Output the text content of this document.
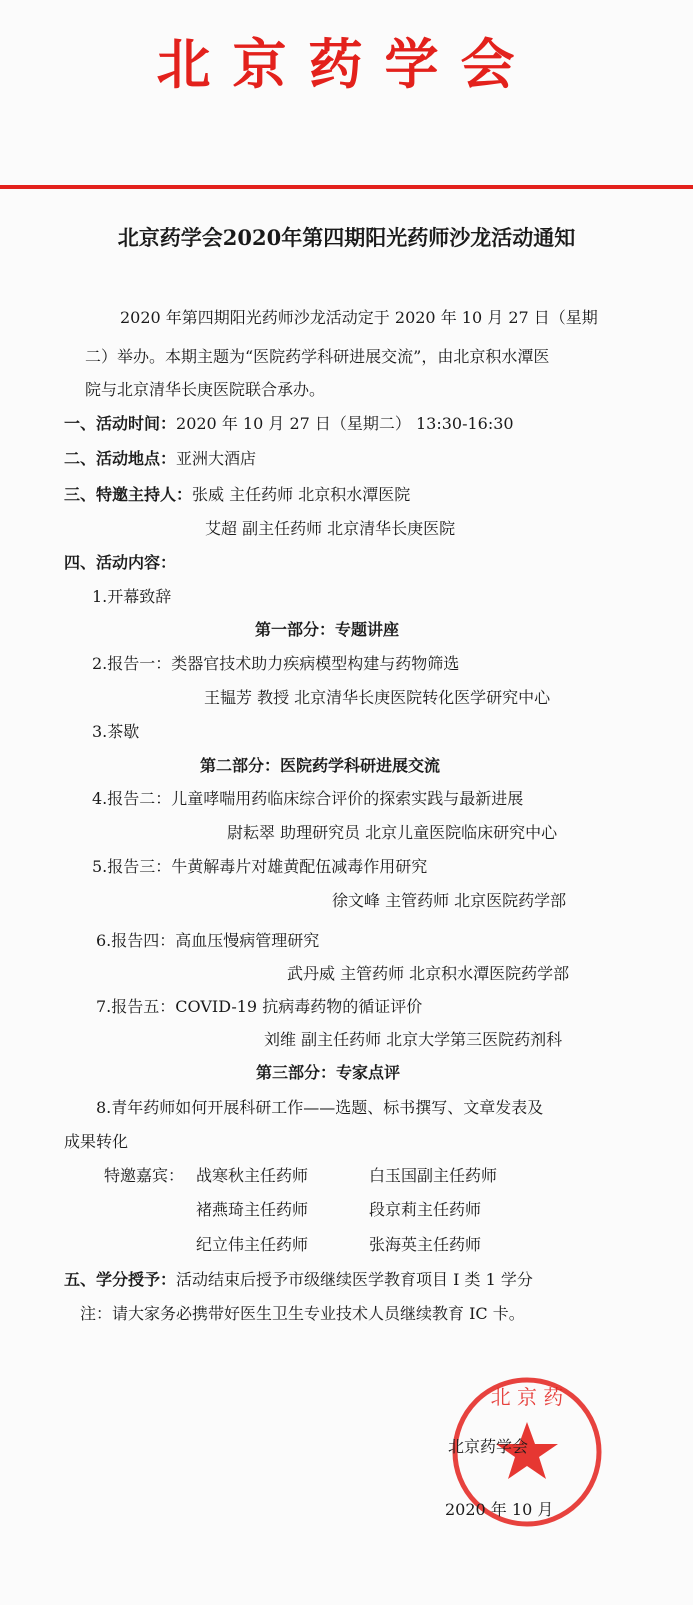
北京药学会
北京药学会2020年第四期阳光药师沙龙活动通知
2020 年第四期阳光药师沙龙活动定于 2020 年 10 月 27 日（星期
二）举办。本期主题为“医院药学科研进展交流”，由北京积水潭医
院与北京清华长庚医院联合承办。
一、活动时间：2020 年 10 月 27 日（星期二） 13:30-16:30
二、活动地点：亚洲大酒店
三、特邀主持人：张威 主任药师 北京积水潭医院
艾超 副主任药师 北京清华长庚医院
四、活动内容：
1.开幕致辞
第一部分：专题讲座
2.报告一：类器官技术助力疾病模型构建与药物筛选
王韫芳 教授 北京清华长庚医院转化医学研究中心
3.茶歇
第二部分：医院药学科研进展交流
4.报告二：儿童哮喘用药临床综合评价的探索实践与最新进展
尉耘翠 助理研究员 北京儿童医院临床研究中心
5.报告三：牛黄解毒片对雄黄配伍减毒作用研究
徐文峰 主管药师 北京医院药学部
6.报告四：高血压慢病管理研究
武丹威 主管药师 北京积水潭医院药学部
7.报告五：COVID-19 抗病毒药物的循证评价
刘维 副主任药师 北京大学第三医院药剂科
第三部分：专家点评
8.青年药师如何开展科研工作——选题、标书撰写、文章发表及
成果转化
特邀嘉宾： 战寒秋主任药师	白玉国副主任药师
褚燕琦主任药师	段京莉主任药师
纪立伟主任药师	张海英主任药师
五、学分授予：活动结束后授予市级继续医学教育项目 I 类 1 学分
注：请大家务必携带好医生卫生专业技术人员继续教育 IC 卡。
北 京 药
北京药学会
2020 年 10 月
